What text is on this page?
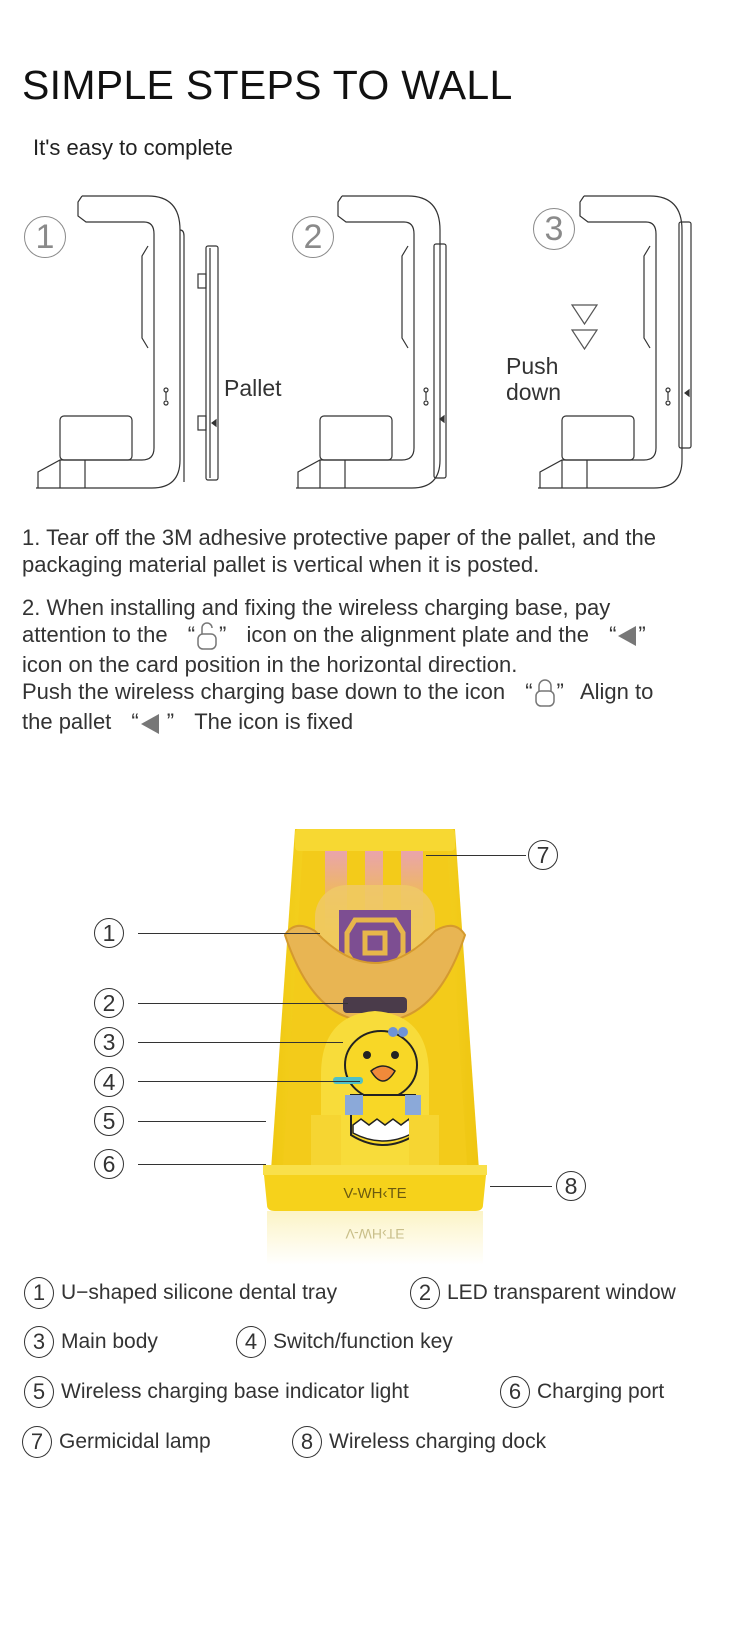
SIMPLE STEPS TO WALL
It's easy to complete
1
Pallet
2	3
Push
down
1. Tear off the 3M adhesive protective paper of the pallet, and the
packaging material pallet is vertical when it is posted.
2. When installing and fixing the wireless charging base, pay
attention to the “ ” icon on the alignment plate and the “ ”
icon on the card position in the horizontal direction.
Push the wireless charging base down to the icon “ ” Align to
the pallet “ ” The icon is fixed
V-WH‹TE
V-WH‹TE
1
2
3
4
5
6
7
8
1 U−shaped silicone dental tray	2 LED transparent window
3 Main body	4 Switch/function key
5 Wireless charging base indicator light	6 Charging port
7 Germicidal lamp	8 Wireless charging dock
